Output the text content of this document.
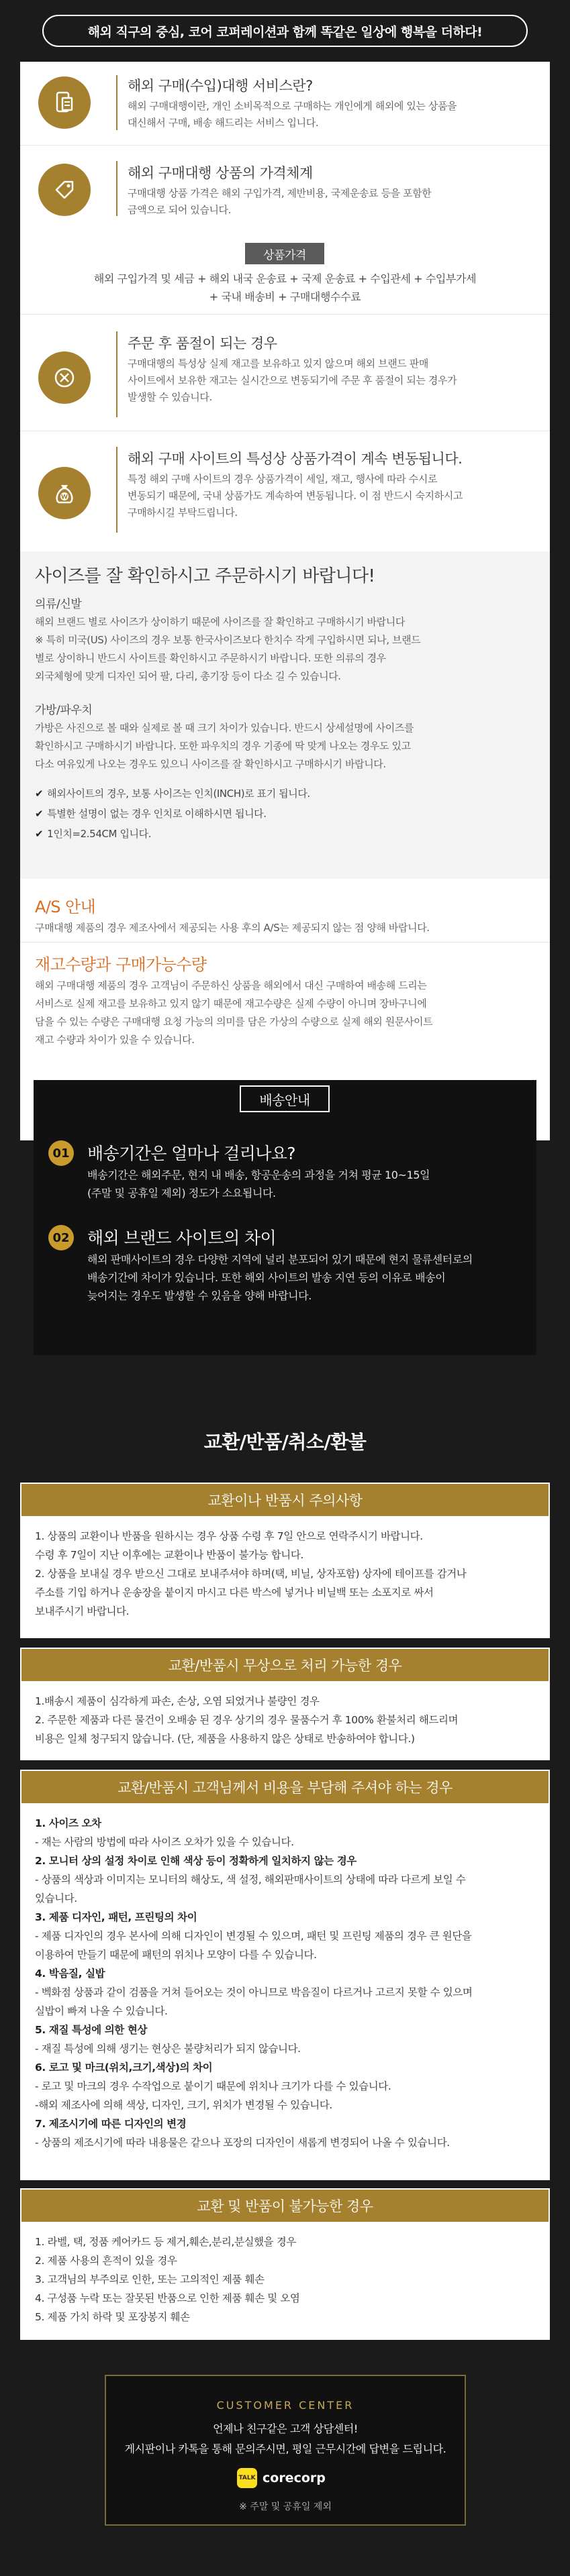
해외 직구의 중심, 코어 코퍼레이션과 함께 똑같은 일상에 행복을 더하다!
해외 구매(수입)대행 서비스란?
해외 구매대행이란, 개인 소비목적으로 구매하는 개인에게 해외에 있는 상품을
대신해서 구매, 배송 해드리는 서비스 입니다.
해외 구매대행 상품의 가격체계
구매대행 상품 가격은 해외 구입가격, 제반비용, 국제운송료 등을 포함한
금액으로 되어 있습니다.
상품가격
해외 구입가격 및 세금 + 해외 내국 운송료 + 국제 운송료 + 수입관세 + 수입부가세
+ 국내 배송비 + 구매대행수수료
주문 후 품절이 되는 경우
구매대행의 특성상 실제 재고를 보유하고 있지 않으며 해외 브랜드 판매
사이트에서 보유한 재고는 실시간으로 변동되기에 주문 후 품절이 되는 경우가
발생할 수 있습니다.
W
해외 구매 사이트의 특성상 상품가격이 계속 변동됩니다.
특정 해외 구매 사이트의 경우 상품가격이 세일, 재고, 행사에 따라 수시로
변동되기 때문에, 국내 상품가도 계속하여 변동됩니다. 이 점 반드시 숙지하시고
구매하시길 부탁드립니다.
사이즈를 잘 확인하시고 주문하시기 바랍니다!
의류/신발
해외 브랜드 별로 사이즈가 상이하기 때문에 사이즈를 잘 확인하고 구매하시기 바랍니다
※ 특히 미국(US) 사이즈의 경우 보통 한국사이즈보다 한치수 작게 구입하시면 되나, 브랜드
별로 상이하니 반드시 사이트를 확인하시고 주문하시기 바랍니다. 또한 의류의 경우
외국체형에 맞게 디자인 되어 팔, 다리, 총기장 등이 다소 길 수 있습니다.
가방/파우치
가방은 사진으로 볼 때와 실제로 볼 때 크기 차이가 있습니다. 반드시 상세설명에 사이즈를
확인하시고 구매하시기 바랍니다. 또한 파우치의 경우 기종에 딱 맞게 나오는 경우도 있고
다소 여유있게 나오는 경우도 있으니 사이즈를 잘 확인하시고 구매하시기 바랍니다.
✔ 해외사이트의 경우, 보통 사이즈는 인치(INCH)로 표기 됩니다.
✔ 특별한 설명이 없는 경우 인치로 이해하시면 됩니다.
✔ 1인치=2.54CM 입니다.
A/S 안내
구매대행 제품의 경우 제조사에서 제공되는 사용 후의 A/S는 제공되지 않는 점 양해 바랍니다.
재고수량과 구매가능수량
해외 구매대행 제품의 경우 고객님이 주문하신 상품을 해외에서 대신 구매하여 배송해 드리는
서비스로 실제 재고를 보유하고 있지 않기 때문에 재고수량은 실제 수량이 아니며 장바구니에
담을 수 있는 수량은 구매대행 요청 가능의 의미를 담은 가상의 수량으로 실제 해외 원문사이트
재고 수량과 차이가 있을 수 있습니다.
배송안내
01 배송기간은 얼마나 걸리나요?
배송기간은 해외주문, 현지 내 배송, 항공운송의 과정을 거쳐 평균 10~15일
(주말 및 공휴일 제외) 정도가 소요됩니다.
02 해외 브랜드 사이트의 차이
해외 판매사이트의 경우 다양한 지역에 널리 분포되어 있기 때문에 현지 물류센터로의
배송기간에 차이가 있습니다. 또한 해외 사이트의 발송 지연 등의 이유로 배송이
늦어지는 경우도 발생할 수 있음을 양해 바랍니다.
교환/반품/취소/환불
교환이나 반품시 주의사항
1. 상품의 교환이나 반품을 원하시는 경우 상품 수령 후 7일 안으로 연락주시기 바랍니다.
수령 후 7일이 지난 이후에는 교환이나 반품이 불가능 합니다.
2. 상품을 보내실 경우 받으신 그대로 보내주셔야 하며(택, 비닐, 상자포함) 상자에 테이프를 감거나
주소를 기입 하거나 운송장을 붙이지 마시고 다른 박스에 넣거나 비닐백 또는 소포지로 싸서
보내주시기 바랍니다.
교환/반품시 무상으로 처리 가능한 경우
1.배송시 제품이 심각하게 파손, 손상, 오염 되었거나 불량인 경우
2. 주문한 제품과 다른 물건이 오배송 된 경우 상기의 경우 물품수거 후 100% 환불처리 해드리며
비용은 일체 청구되지 않습니다. (단, 제품을 사용하지 않은 상태로 반송하여야 합니다.)
교환/반품시 고객님께서 비용을 부담해 주셔야 하는 경우
1. 사이즈 오차
- 재는 사람의 방법에 따라 사이즈 오차가 있을 수 있습니다.
2. 모니터 상의 설정 차이로 인해 색상 등이 정확하게 일치하지 않는 경우
- 상품의 색상과 이미지는 모니터의 해상도, 색 설정, 해외판매사이트의 상태에 따라 다르게 보일 수
있습니다.
3. 제품 디자인, 패턴, 프린팅의 차이
- 제품 디자인의 경우 본사에 의해 디자인이 변경될 수 있으며, 패턴 및 프린팅 제품의 경우 큰 원단을
이용하여 만들기 때문에 패턴의 위치나 모양이 다를 수 있습니다.
4. 박음질, 실밥
- 벡화점 상품과 같이 검품을 거쳐 들어오는 것이 아니므로 박음질이 다르거나 고르지 못할 수 있으며
실밥이 빠져 나올 수 있습니다.
5. 재질 특성에 의한 현상
- 재질 특성에 의해 생기는 현상은 불량처리가 되지 않습니다.
6. 로고 및 마크(위치,크기,색상)의 차이
- 로고 및 마크의 경우 수작업으로 붙이기 때문에 위치나 크기가 다를 수 있습니다.
-해외 제조사에 의해 색상, 디자인, 크기, 위치가 변경될 수 있습니다.
7. 제조시기에 따른 디자인의 변경
- 상품의 제조시기에 따라 내용물은 같으나 포장의 디자인이 새롭게 변경되어 나올 수 있습니다.
교환 및 반품이 불가능한 경우
1. 라벨, 택, 정품 케어카드 등 제거,훼손,분리,분실했을 경우
2. 제품 사용의 흔적이 있을 경우
3. 고객님의 부주의로 인한, 또는 고의적인 제품 훼손
4. 구성품 누락 또는 잘못된 반품으로 인한 제품 훼손 및 오염
5. 제품 가치 하락 및 포장봉지 훼손
CUSTOMER CENTER
언제나 친구같은 고객 상담센터!
게시판이나 카톡을 통해 문의주시면, 평일 근무시간에 답변을 드립니다.
TALK corecorp
※ 주말 및 공휴일 제외
